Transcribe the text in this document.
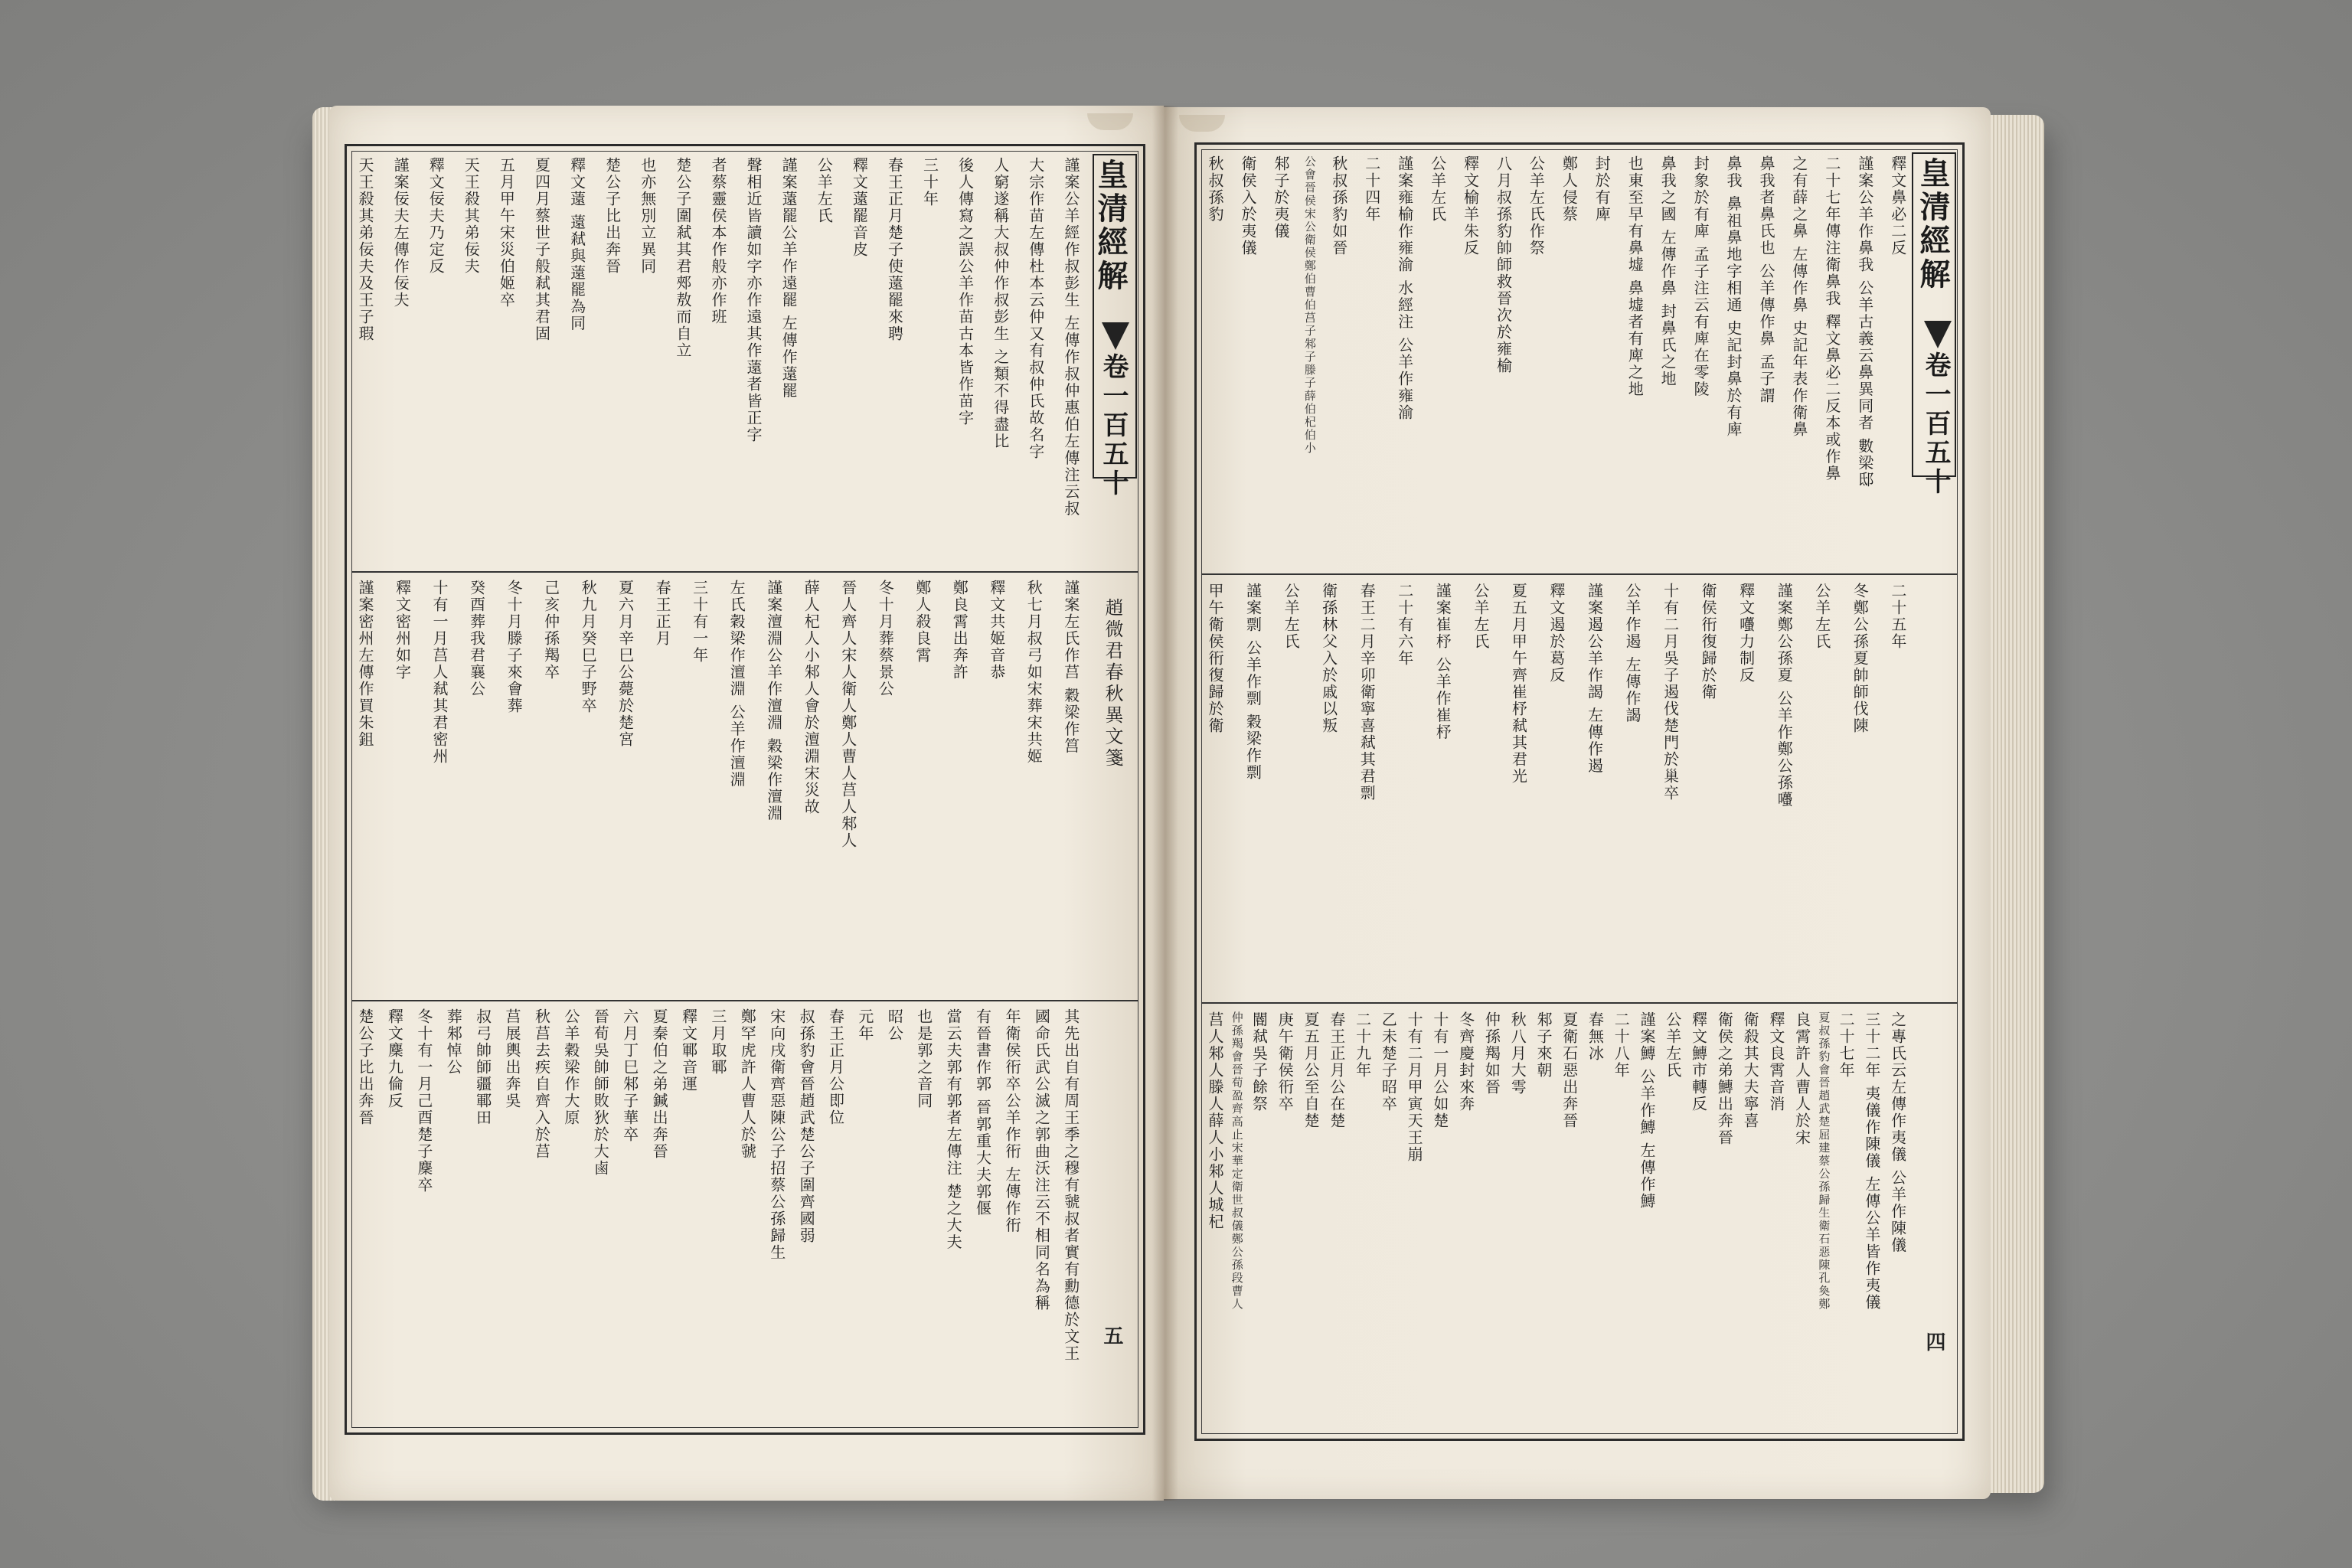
謹案公羊經作叔彭生 左傳作叔仲惠伯左傳注云叔
大宗作苗左傳杜本云仲又有叔仲氏故名字
人窮遂稱大叔仲作叔彭生 之類不得盡比
後人傳寫之誤公羊作苗古本皆作苗字
三十年
春王正月楚子使薳罷來聘
釋文薳罷音皮
公羊左氏
謹案薳罷公羊作遠罷 左傳作薳罷
聲相近皆讀如字亦作遠其作薳者皆正字
者蔡靈侯本作般亦作班
楚公子圍弒其君郟敖而自立
也亦無別立異同
楚公子比出奔晉
釋文薳 薳弒與薳罷為同
夏四月蔡世子般弒其君固
五月甲午宋災伯姬卒
天王殺其弟佞夫
釋文佞夫乃定反
謹案佞夫左傳作佞夫
天王殺其弟佞夫及王子瑕
謹案左氏作莒 穀梁作筥
秋七月叔弓如宋葬宋共姬
釋文共姬音恭
鄭良霄出奔許
鄭人殺良霄
冬十月葬蔡景公
晉人齊人宋人衛人鄭人曹人莒人邾人
薛人杞人小邾人會於澶淵宋災故
謹案澶淵公羊作澶淵 穀梁作澶淵
左氏穀梁作澶淵 公羊作澶淵
三十有一年
春王正月
夏六月辛巳公薨於楚宮
秋九月癸巳子野卒
己亥仲孫羯卒
冬十月滕子來會葬
癸酉葬我君襄公
十有一月莒人弒其君密州
釋文密州如字
謹案密州左傳作買朱鉏
其先出自有周王季之穆有虢叔者實有勳德於文王
國命氏武公滅之郭曲沃注云不相同名為稱
年衛侯衎卒公羊作衎 左傳作衎
有晉書作郭 晉郭重大夫郭偃
當云夫郭有郭者左傳注 楚之大夫
也是郭之音同
昭公
元年
春王正月公即位
叔孫豹會晉趙武楚公子圍齊國弱
宋向戌衛齊惡陳公子招蔡公孫歸生
鄭罕虎許人曹人於虢
三月取鄆
釋文鄆音運
夏秦伯之弟鍼出奔晉
六月丁巳邾子華卒
晉荀吳帥師敗狄於大鹵
公羊穀梁作大原
秋莒去疾自齊入於莒
莒展輿出奔吳
叔弓帥師疆鄆田
葬邾悼公
冬十有一月己酉楚子麇卒
釋文麇九倫反
楚公子比出奔晉
皇清經解
卷一百五十
趙微君春秋異文箋
五
釋文鼻必二反
謹案公羊作鼻我 公羊古義云鼻異同者 數梁邸
二十七年傳注衛鼻我 釋文鼻必二反本或作鼻
之有薛之鼻 左傳作鼻 史記年表作衛鼻
鼻我者鼻氏也 公羊傳作鼻 孟子謂
鼻我 鼻祖鼻地字相通 史記封鼻於有庳
封象於有庳 孟子注云有庳在零陵
鼻我之國 左傳作鼻 封鼻氏之地
也東至早有鼻墟 鼻墟者有庳之地
封於有庳
鄭人侵蔡
公羊左氏作祭
八月叔孫豹帥師救晉次於雍榆
釋文榆羊朱反
公羊左氏
謹案雍榆作雍渝 水經注 公羊作雍渝
二十四年
秋叔孫豹如晉
公會晉侯宋公衛侯鄭伯曹伯莒子邾子滕子薛伯杞伯小
邾子於夷儀
衛侯入於夷儀
秋叔孫豹
二十五年
冬鄭公孫夏帥師伐陳
公羊左氏
謹案鄭公孫夏 公羊作鄭公孫囆
釋文囆力制反
衛侯衎復歸於衛
十有二月吳子遏伐楚門於巢卒
公羊作遏 左傳作謁
謹案遏公羊作謁 左傳作遏
釋文遏於葛反
夏五月甲午齊崔杼弒其君光
公羊左氏
謹案崔杼 公羊作崔杼
二十有六年
春王二月辛卯衛寧喜弒其君剽
衛孫林父入於戚以叛
公羊左氏
謹案剽 公羊作剽 穀梁作剽
甲午衛侯衎復歸於衛
之專氏云左傳作夷儀 公羊作陳儀
三十二年 夷儀作陳儀 左傳公羊皆作夷儀
二十七年
夏叔孫豹會晉趙武楚屈建蔡公孫歸生衛石惡陳孔奐鄭
良霄許人曹人於宋
釋文良霄音消
衛殺其大夫寧喜
衛侯之弟鱄出奔晉
釋文鱄市轉反
公羊左氏
謹案鱄 公羊作鱄 左傳作鱄
二十八年
春無冰
夏衛石惡出奔晉
邾子來朝
秋八月大雩
仲孫羯如晉
冬齊慶封來奔
十有一月公如楚
十有二月甲寅天王崩
乙未楚子昭卒
二十九年
春王正月公在楚
夏五月公至自楚
庚午衛侯衎卒
閽弒吳子餘祭
仲孫羯會晉荀盈齊高止宋華定衛世叔儀鄭公孫段曹人
莒人邾人滕人薛人小邾人城杞
皇清經解
卷一百五十
四
